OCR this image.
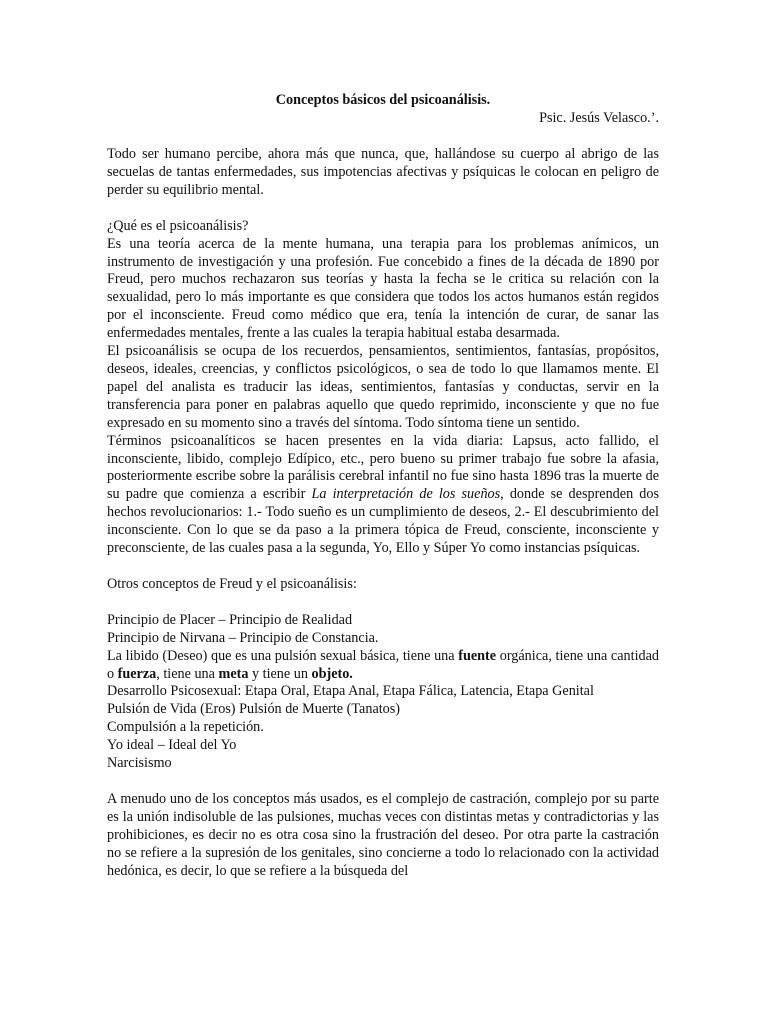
Conceptos básicos del psicoanálisis.

Psic. Jesús Velasco.’.

Todo ser humano percibe, ahora más que nunca, que, hallándose su cuerpo al abrigo de las secuelas de tantas enfermedades, sus impotencias afectivas y psíquicas le colocan en peligro de perder su equilibrio mental.

¿Qué es el psicoanálisis?

Es una teoría acerca de la mente humana, una terapia para los problemas anímicos, un instrumento de investigación y una profesión. Fue concebido a fines de la década de 1890 por Freud, pero muchos rechazaron sus teorías y hasta la fecha se le critica su relación con la sexualidad, pero lo más importante es que considera que todos los actos humanos están regidos por el inconsciente. Freud como médico que era, tenía la intención de curar, de sanar las enfermedades mentales, frente a las cuales la terapia habitual estaba desarmada.

El psicoanálisis se ocupa de los recuerdos, pensamientos, sentimientos, fantasías, propósitos, deseos, ideales, creencias, y conflictos psicológicos, o sea de todo lo que llamamos mente. El papel del analista es traducir las ideas, sentimientos, fantasías y conductas, servir en la transferencia para poner en palabras aquello que quedo reprimido, inconsciente y que no fue expresado en su momento sino a través del síntoma. Todo síntoma tiene un sentido.

Términos psicoanalíticos se hacen presentes en la vida diaria: Lapsus, acto fallido, el inconsciente, libido, complejo Edípico, etc., pero bueno su primer trabajo fue sobre la afasia, posteriormente escribe sobre la parálisis cerebral infantil no fue sino hasta 1896 tras la muerte de su padre que comienza a escribir La interpretación de los sueños, donde se desprenden dos hechos revolucionarios: 1.- Todo sueño es un cumplimiento de deseos, 2.- El descubrimiento del inconsciente. Con lo que se da paso a la primera tópica de Freud, consciente, inconsciente y preconsciente, de las cuales pasa a la segunda, Yo, Ello y Súper Yo como instancias psíquicas.

Otros conceptos de Freud y el psicoanálisis:

Principio de Placer – Principio de Realidad

Principio de Nirvana – Principio de Constancia.

La libido (Deseo) que es una pulsión sexual básica, tiene una fuente orgánica, tiene una cantidad o fuerza, tiene una meta y tiene un objeto.

Desarrollo Psicosexual: Etapa Oral, Etapa Anal, Etapa Fálica, Latencia, Etapa Genital

Pulsión de Vida (Eros) Pulsión de Muerte (Tanatos)

Compulsión a la repetición.

Yo ideal – Ideal del Yo

Narcisismo

A menudo uno de los conceptos más usados, es el complejo de castración, complejo por su parte es la unión indisoluble de las pulsiones, muchas veces con distintas metas y contradictorias y las prohibiciones, es decir no es otra cosa sino la frustración del deseo. Por otra parte la castración no se refiere a la supresión de los genitales, sino concierne a todo lo relacionado con la actividad hedónica, es decir, lo que se refiere a la búsqueda del
